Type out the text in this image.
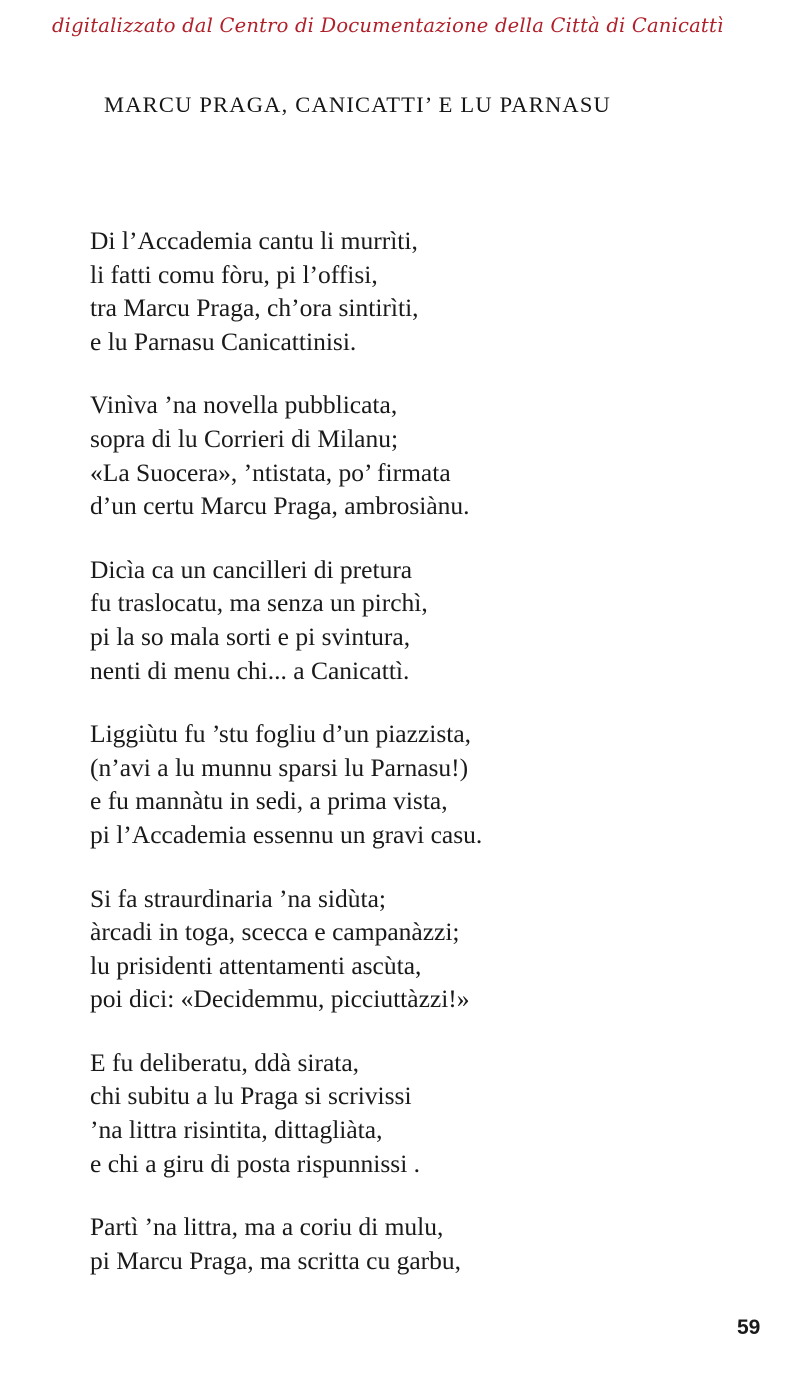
digitalizzato dal Centro di Documentazione della Città di Canicattì
MARCU PRAGA, CANICATTI’ E LU PARNASU
Di l’Accademia cantu li murrìti,
li fatti comu fòru, pi l’offisi,
tra Marcu Praga, ch’ora sintirìti,
e lu Parnasu Canicattinisi.
Vinìva ’na novella pubblicata,
sopra di lu Corrieri di Milanu;
«La Suocera», ’ntistata, po’ firmata
d’un certu Marcu Praga, ambrosiànu.
Dicìa ca un cancilleri di pretura
fu traslocatu, ma senza un pirchì,
pi la so mala sorti e pi svintura,
nenti di menu chi... a Canicattì.
Liggiùtu fu ’stu fogliu d’un piazzista,
(n’avi a lu munnu sparsi lu Parnasu!)
e fu mannàtu in sedi, a prima vista,
pi l’Accademia essennu un gravi casu.
Si fa straurdinaria ’na sidùta;
àrcadi in toga, scecca e campanàzzi;
lu prisidenti attentamenti ascùta,
poi dici: «Decidemmu, picciuttàzzi!»
E fu deliberatu, ddà sirata,
chi subitu a lu Praga si scrivissi
’na littra risintita, dittagliàta,
e chi a giru di posta rispunnissi .
Partì ’na littra, ma a coriu di mulu,
pi Marcu Praga, ma scritta cu garbu,
59
